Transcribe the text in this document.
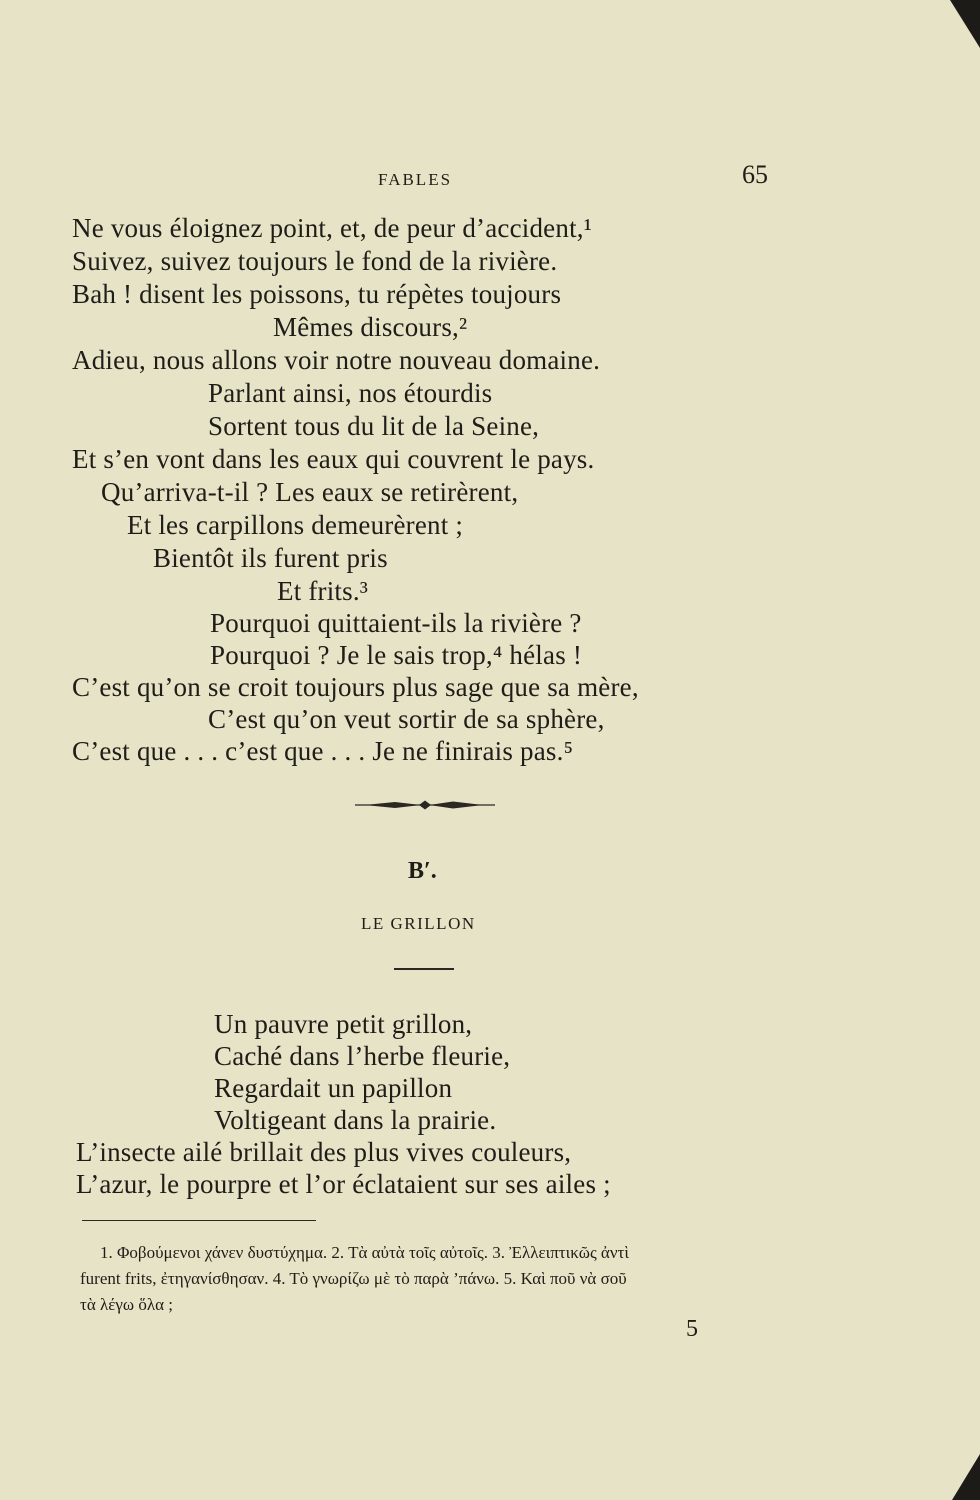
FABLES	65
Ne vous éloignez point, et, de peur d’accident,¹
Suivez, suivez toujours le fond de la rivière.
Bah ! disent les poissons, tu répètes toujours
Mêmes discours,²
Adieu, nous allons voir notre nouveau domaine.
Parlant ainsi, nos étourdis
Sortent tous du lit de la Seine,
Et s’en vont dans les eaux qui couvrent le pays.
Qu’arriva-t-il ? Les eaux se retirèrent,
Et les carpillons demeurèrent ;
Bientôt ils furent pris
Et frits.³
Pourquoi quittaient-ils la rivière ?
Pourquoi ? Je le sais trop,⁴ hélas !
C’est qu’on se croit toujours plus sage que sa mère,
C’est qu’on veut sortir de sa sphère,
C’est que . . . c’est que . . . Je ne finirais pas.⁵
B′.
LE GRILLON
Un pauvre petit grillon,
Caché dans l’herbe fleurie,
Regardait un papillon
Voltigeant dans la prairie.
L’insecte ailé brillait des plus vives couleurs,
L’azur, le pourpre et l’or éclataient sur ses ailes ;
1. Φοβούμενοι χάνεν δυστύχημα. 2. Τὰ αὐτὰ τοῖς αὐτοῖς. 3. Ἐλλειπτικῶς ἀντὶ
furent frits, ἐτηγανίσθησαν. 4. Τὸ γνωρίζω μὲ τὸ παρὰ ’πάνω. 5. Καὶ ποῦ νὰ σοῦ
τὰ λέγω ὅλα ;
5
